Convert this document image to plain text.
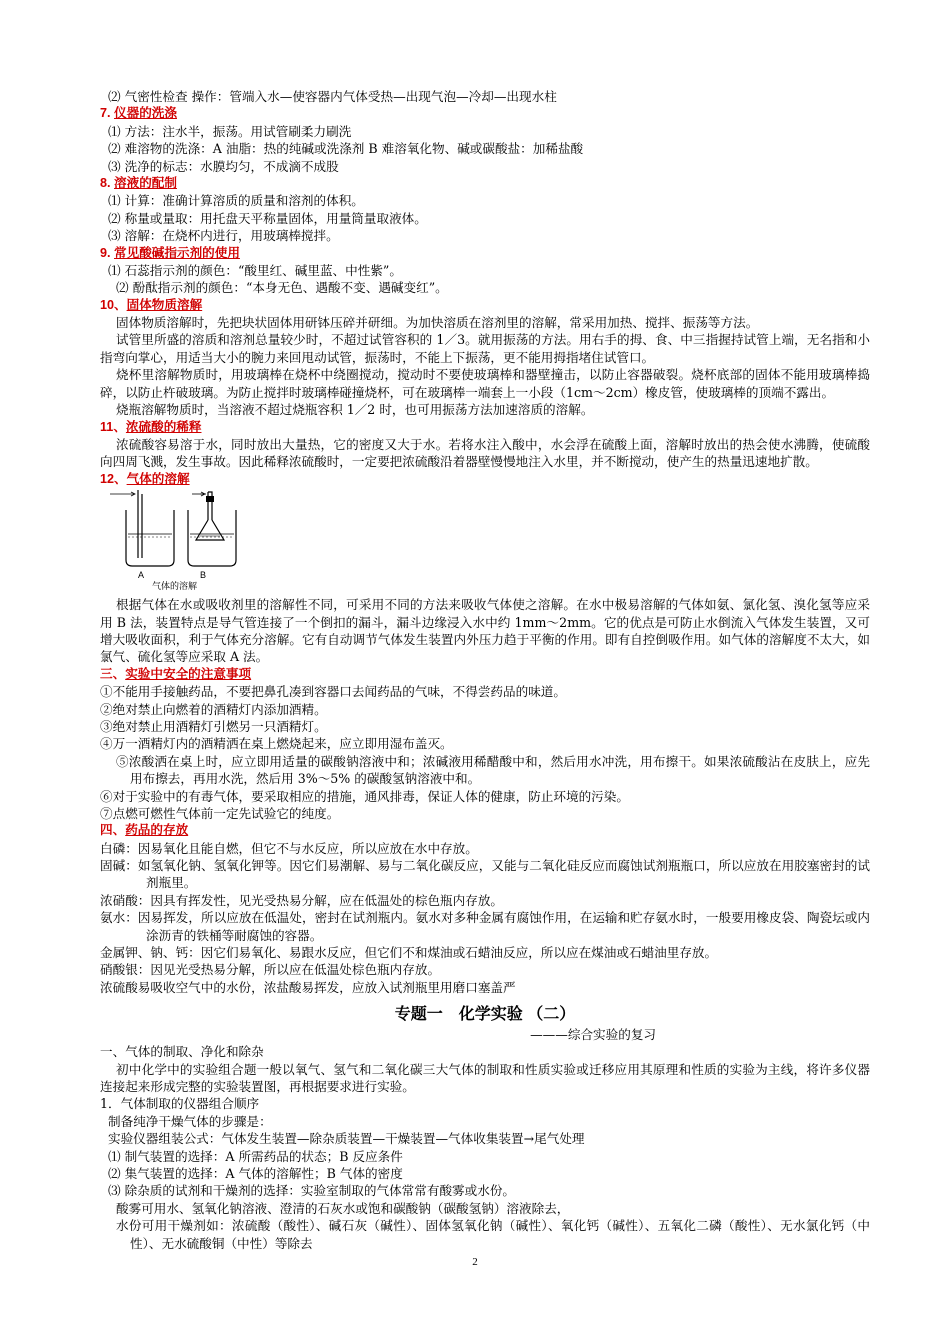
⑵ 气密性检查 操作：管端入水—使容器内气体受热—出现气泡—冷却—出现水柱
7. 仪器的洗涤
⑴ 方法：注水半，振荡。用试管刷柔力刷洗
⑵ 难溶物的洗涤：A 油脂：热的纯碱或洗涤剂 B 难溶氧化物、碱或碳酸盐：加稀盐酸
⑶ 洗净的标志：水膜均匀，不成滴不成股
8. 溶液的配制
⑴ 计算：准确计算溶质的质量和溶剂的体积。
⑵ 称量或量取：用托盘天平称量固体，用量筒量取液体。
⑶ 溶解：在烧杯内进行，用玻璃棒搅拌。
9. 常见酸碱指示剂的使用
⑴ 石蕊指示剂的颜色：“酸里红、碱里蓝、中性紫”。
⑵ 酚酞指示剂的颜色：“本身无色、遇酸不变、遇碱变红”。
10、固体物质溶解
固体物质溶解时，先把块状固体用研钵压碎并研细。为加快溶质在溶剂里的溶解，常采用加热、搅拌、振荡等方法。
试管里所盛的溶质和溶剂总量较少时，不超过试管容积的 1／3。就用振荡的方法。用右手的拇、食、中三指握持试管上端，无名指和小指弯向掌心，用适当大小的腕力来回甩动试管，振荡时，不能上下振荡，更不能用拇指堵住试管口。
烧杯里溶解物质时，用玻璃棒在烧杯中绕圈搅动，搅动时不要使玻璃棒和器壁撞击，以防止容器破裂。烧杯底部的固体不能用玻璃棒捣碎，以防止杵破玻璃。为防止搅拌时玻璃棒碰撞烧杯，可在玻璃棒一端套上一小段（1cm～2cm）橡皮管，使玻璃棒的顶端不露出。
烧瓶溶解物质时，当溶液不超过烧瓶容积 1／2 时，也可用振荡方法加速溶质的溶解。
11、浓硫酸的稀释
浓硫酸容易溶于水，同时放出大量热，它的密度又大于水。若将水注入酸中，水会浮在硫酸上面，溶解时放出的热会使水沸腾，使硫酸向四周飞溅，发生事故。因此稀释浓硫酸时，一定要把浓硫酸沿着器壁慢慢地注入水里，并不断搅动，使产生的热量迅速地扩散。
12、气体的溶解
A	B
气体的溶解
根据气体在水或吸收剂里的溶解性不同，可采用不同的方法来吸收气体使之溶解。在水中极易溶解的气体如氨、氯化氢、溴化氢等应采用 B 法，装置特点是导气管连接了一个倒扣的漏斗，漏斗边缘浸入水中约 1mm～2mm。它的优点是可防止水倒流入气体发生装置，又可增大吸收面积，利于气体充分溶解。它有自动调节气体发生装置内外压力趋于平衡的作用。即有自控倒吸作用。如气体的溶解度不太大，如氯气、硫化氢等应采取 A 法。
三、实验中安全的注意事项
①不能用手接触药品，不要把鼻孔凑到容器口去闻药品的气味，不得尝药品的味道。
②绝对禁止向燃着的酒精灯内添加酒精。
③绝对禁止用酒精灯引燃另一只酒精灯。
④万一酒精灯内的酒精洒在桌上燃烧起来，应立即用湿布盖灭。
⑤浓酸洒在桌上时，应立即用适量的碳酸钠溶液中和；浓碱液用稀醋酸中和，然后用水冲洗，用布擦干。如果浓硫酸沾在皮肤上，应先用布擦去，再用水洗，然后用 3%～5% 的碳酸氢钠溶液中和。
⑥对于实验中的有毒气体，要采取相应的措施，通风排毒，保证人体的健康，防止环境的污染。
⑦点燃可燃性气体前一定先试验它的纯度。
四、药品的存放
白磷：因易氧化且能自燃，但它不与水反应，所以应放在水中存放。
固碱：如氢氧化钠、氢氧化钾等。因它们易潮解、易与二氧化碳反应，又能与二氧化硅反应而腐蚀试剂瓶瓶口，所以应放在用胶塞密封的试剂瓶里。
浓硝酸：因具有挥发性，见光受热易分解，应在低温处的棕色瓶内存放。
氨水：因易挥发，所以应放在低温处，密封在试剂瓶内。氨水对多种金属有腐蚀作用，在运输和贮存氨水时，一般要用橡皮袋、陶瓷坛或内涂沥青的铁桶等耐腐蚀的容器。
金属钾、钠、钙：因它们易氧化、易跟水反应，但它们不和煤油或石蜡油反应，所以应在煤油或石蜡油里存放。
硝酸银：因见光受热易分解，所以应在低温处棕色瓶内存放。
浓硫酸易吸收空气中的水份，浓盐酸易挥发，应放入试剂瓶里用磨口塞盖严
专题一　化学实验 （二）
———综合实验的复习
一、气体的制取、净化和除杂
初中化学中的实验组合题一般以氧气、氢气和二氧化碳三大气体的制取和性质实验或迁移应用其原理和性质的实验为主线，将许多仪器连接起来形成完整的实验装置图，再根据要求进行实验。
1．气体制取的仪器组合顺序
制备纯净干燥气体的步骤是：
实验仪器组装公式：气体发生装置—除杂质装置—干燥装置—气体收集装置→尾气处理
⑴ 制气装置的选择：A 所需药品的状态；B 反应条件
⑵ 集气装置的选择：A 气体的溶解性；B 气体的密度
⑶ 除杂质的试剂和干燥剂的选择：实验室制取的气体常常有酸雾或水份。
酸雾可用水、氢氧化钠溶液、澄清的石灰水或饱和碳酸钠（碳酸氢钠）溶液除去，
水份可用干燥剂如：浓硫酸（酸性）、碱石灰（碱性）、固体氢氧化钠（碱性）、氧化钙（碱性）、五氧化二磷（酸性）、无水氯化钙（中性）、无水硫酸铜（中性）等除去
2
